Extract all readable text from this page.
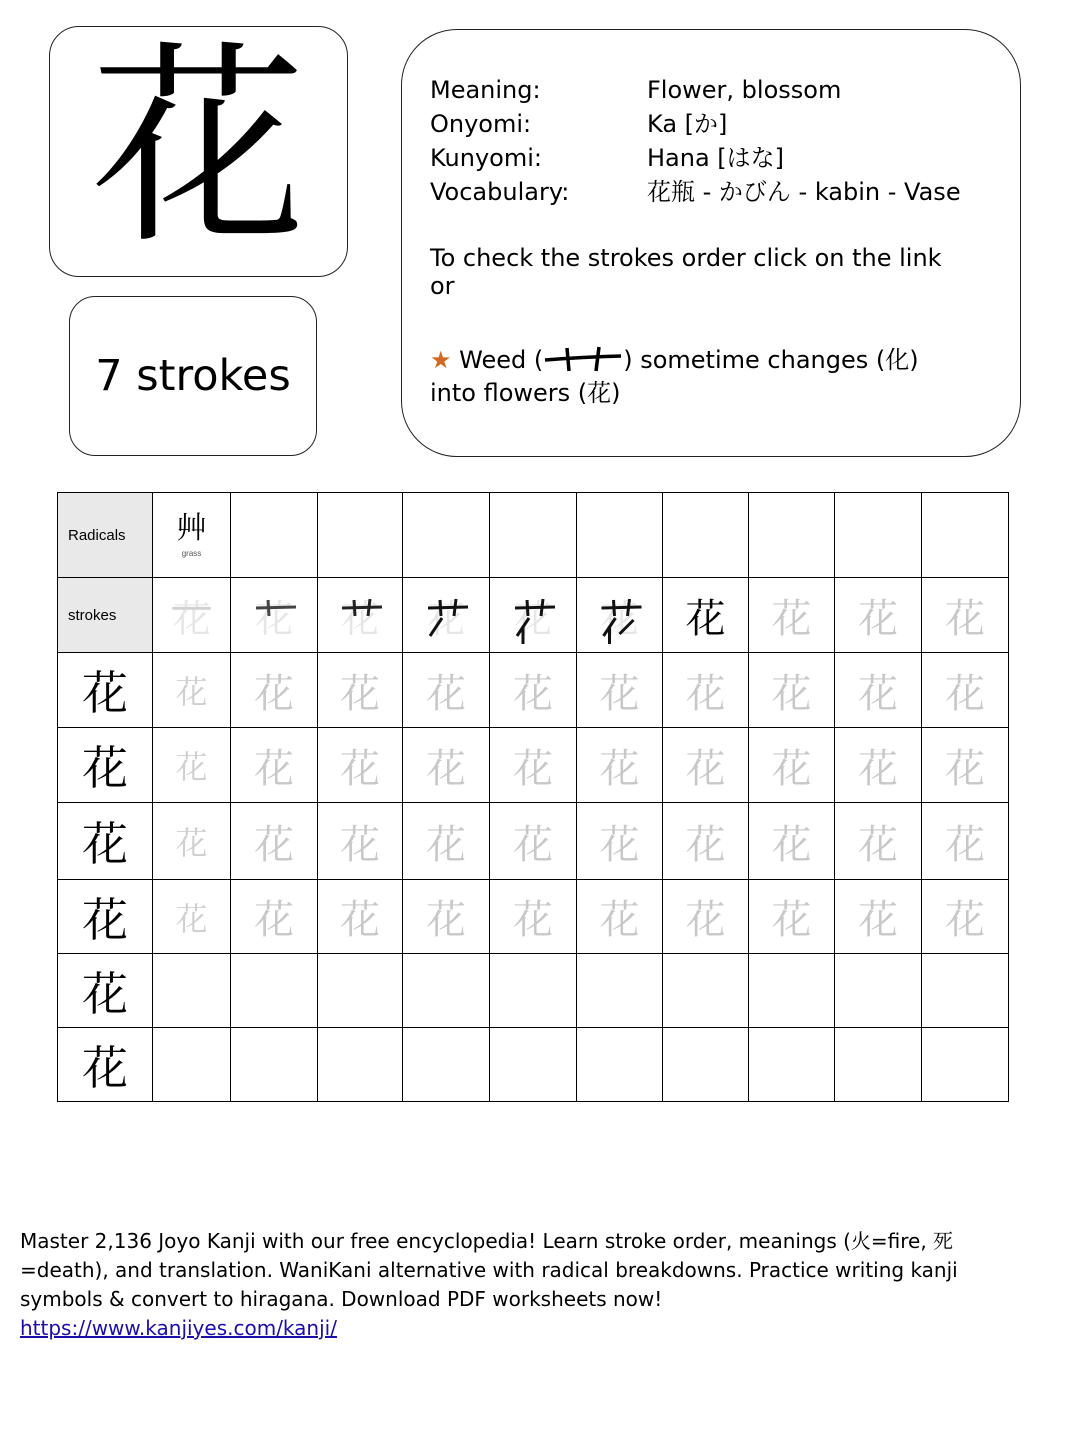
花
7 strokes
Meaning:	Flower, blossom
Onyomi:	Ka [か]
Kunyomi:	Hana [はな]
Vocabulary:	花瓶 - かびん - kabin - Vase
To check the strokes order click on the link
or
★ Weed (	) sometime changes (化) into flowers (花)
Radicals	艸
grass									

strokes	花	花	花	花	花	花	花	花	花	花
花	花	花	花	花	花	花	花	花	花	花
花	花	花	花	花	花	花	花	花	花	花
花	花	花	花	花	花	花	花	花	花	花
花	花	花	花	花	花	花	花	花	花	花
花										
花										
Master 2,136 Joyo Kanji with our free encyclopedia! Learn stroke order, meanings (火=fire, 死=death), and translation. WaniKani alternative with radical breakdowns. Practice writing kanji symbols & convert to hiragana. Download PDF worksheets now!
https://www.kanjiyes.com/kanji/
